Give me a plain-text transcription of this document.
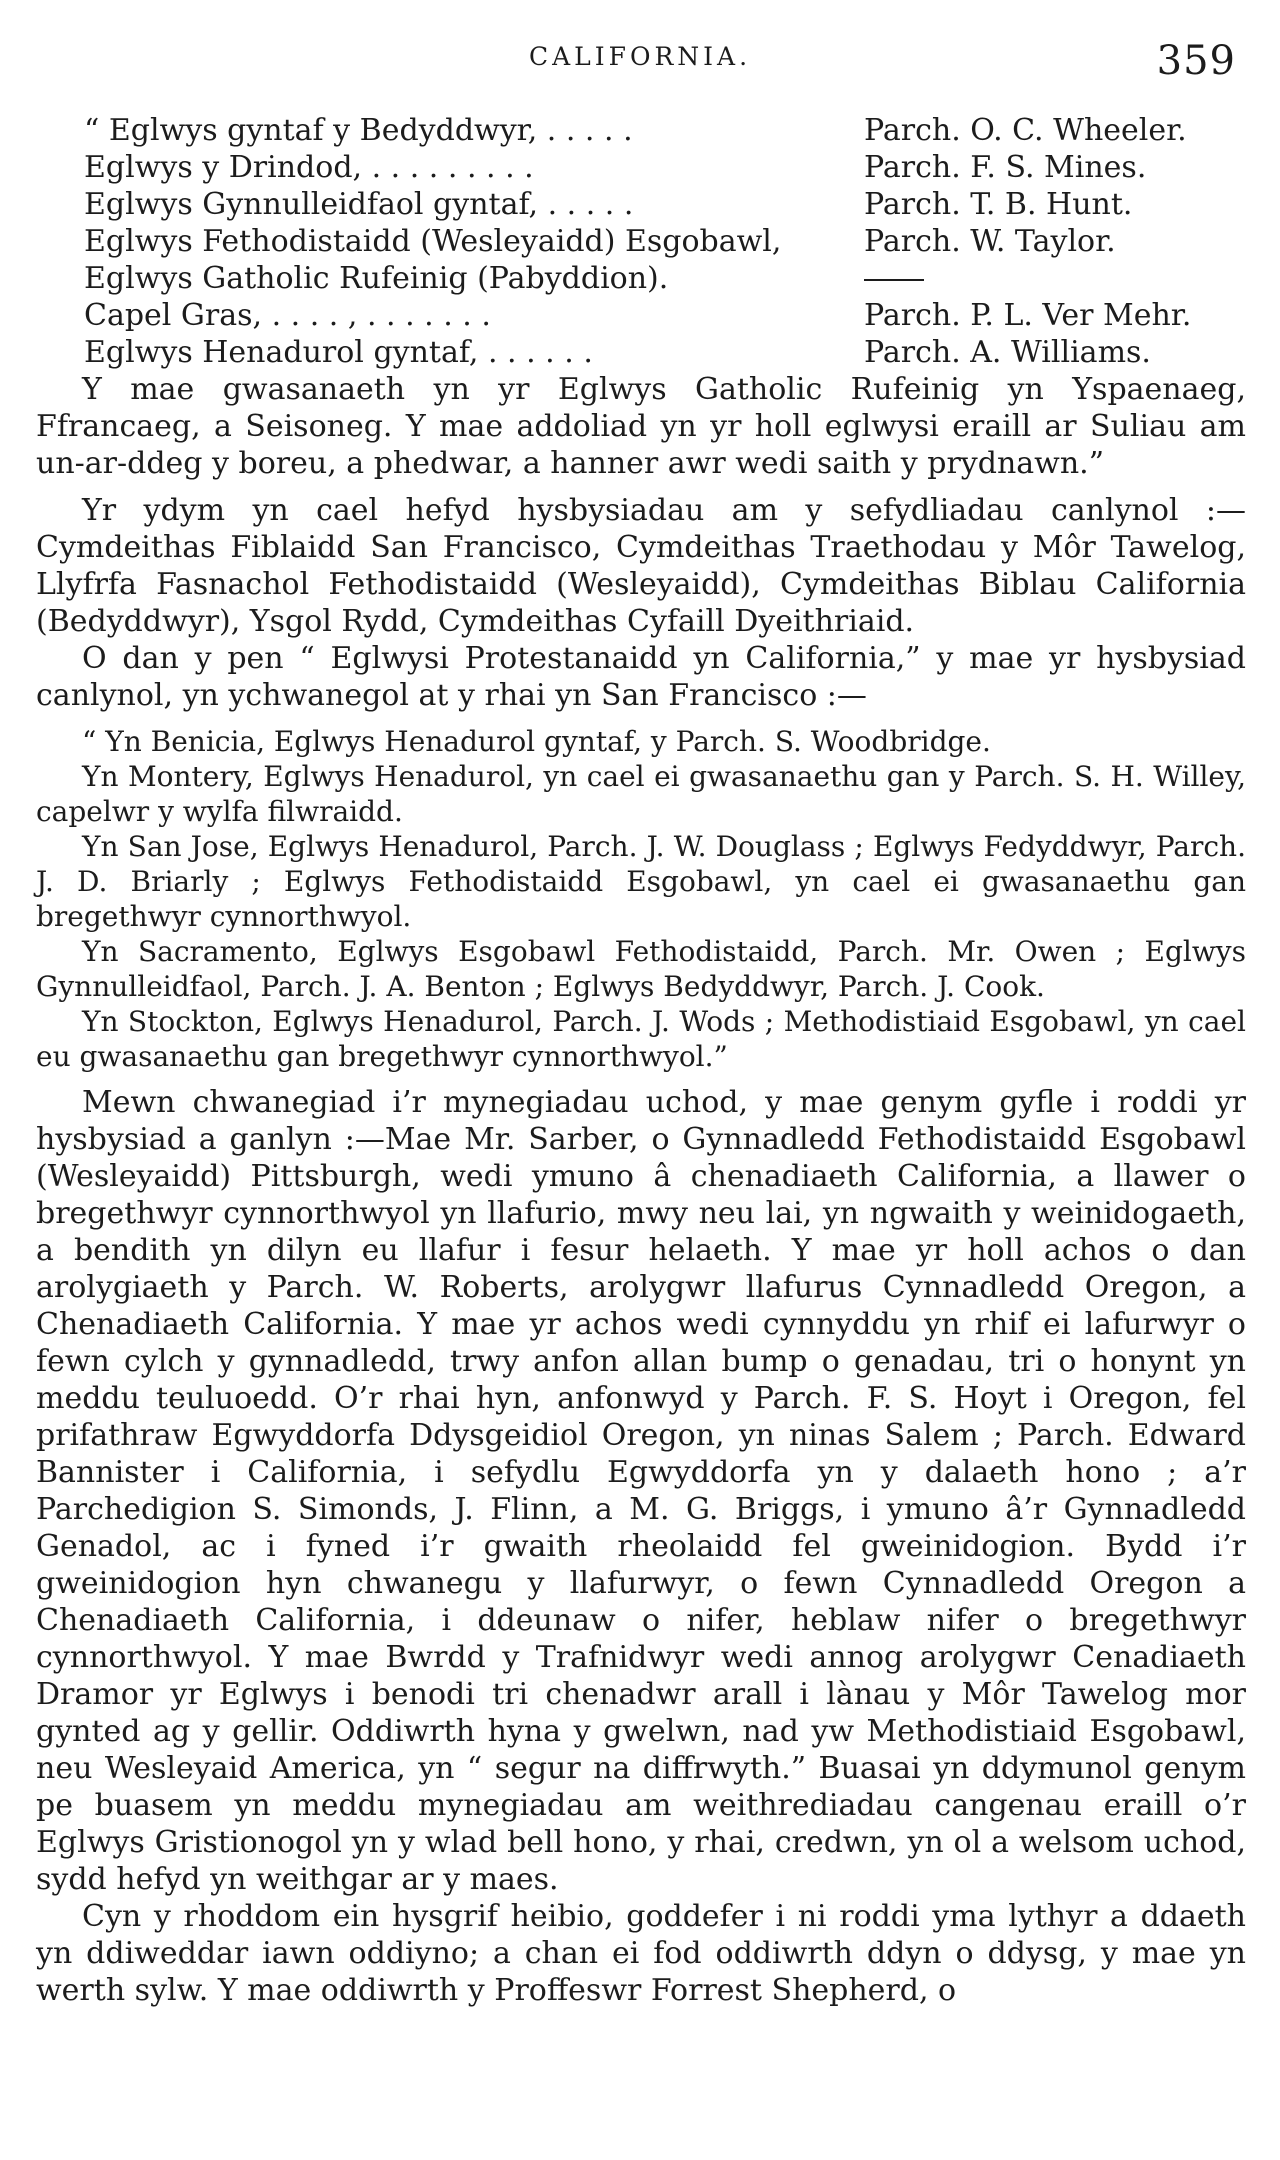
CALIFORNIA.	359
“ Eglwys gyntaf y Bedyddwyr, . . . . .	Parch. O. C. Wheeler.
Eglwys y Drindod, . . . . . . . . .	Parch. F. S. Mines.
Eglwys Gynnulleidfaol gyntaf, . . . . .	Parch. T. B. Hunt.
Eglwys Fethodistaidd (Wesleyaidd) Esgobawl,	Parch. W. Taylor.
Eglwys Gatholic Rufeinig (Pabyddion).
Capel Gras, . . . . , . . . . . . .	Parch. P. L. Ver Mehr.
Eglwys Henadurol gyntaf, . . . . . .	Parch. A. Williams.

Y mae gwasanaeth yn yr Eglwys Gatholic Rufeinig yn Yspaenaeg, Ffrancaeg, a Seisoneg. Y mae addoliad yn yr holl eglwysi eraill ar Suliau am un-ar-ddeg y boreu, a phedwar, a hanner awr wedi saith y prydnawn.”

Yr ydym yn cael hefyd hysbysiadau am y sefydliadau canlynol :—Cymdeithas Fiblaidd San Francisco, Cymdeithas Traethodau y Môr Tawelog, Llyfrfa Fasnachol Fethodistaidd (Wesleyaidd), Cymdeithas Biblau California (Bedyddwyr), Ysgol Rydd, Cymdeithas Cyfaill Dyeithriaid.

O dan y pen “ Eglwysi Protestanaidd yn California,” y mae yr hysbysiad canlynol, yn ychwanegol at y rhai yn San Francisco :—

“ Yn Benicia, Eglwys Henadurol gyntaf, y Parch. S. Woodbridge.

Yn Montery, Eglwys Henadurol, yn cael ei gwasanaethu gan y Parch. S. H. Willey, capelwr y wylfa filwraidd.

Yn San Jose, Eglwys Henadurol, Parch. J. W. Douglass ; Eglwys Fedyddwyr, Parch. J. D. Briarly ; Eglwys Fethodistaidd Esgobawl, yn cael ei gwasanaethu gan bregethwyr cynnorthwyol.

Yn Sacramento, Eglwys Esgobawl Fethodistaidd, Parch. Mr. Owen ; Eglwys Gynnulleidfaol, Parch. J. A. Benton ; Eglwys Bedyddwyr, Parch. J. Cook.

Yn Stockton, Eglwys Henadurol, Parch. J. Wods ; Methodistiaid Esgobawl, yn cael eu gwasanaethu gan bregethwyr cynnorthwyol.”

Mewn chwanegiad i’r mynegiadau uchod, y mae genym gyfle i roddi yr hysbysiad a ganlyn :—Mae Mr. Sarber, o Gynnadledd Fethodistaidd Esgobawl (Wesleyaidd) Pittsburgh, wedi ymuno â chenadiaeth California, a llawer o bregethwyr cynnorthwyol yn llafurio, mwy neu lai, yn ngwaith y weinidogaeth, a bendith yn dilyn eu llafur i fesur helaeth. Y mae yr holl achos o dan arolygiaeth y Parch. W. Roberts, arolygwr llafurus Cynnadledd Oregon, a Chenadiaeth California. Y mae yr achos wedi cynnyddu yn rhif ei lafurwyr o fewn cylch y gynnadledd, trwy anfon allan bump o genadau, tri o honynt yn meddu teuluoedd. O’r rhai hyn, anfonwyd y Parch. F. S. Hoyt i Oregon, fel prifathraw Egwyddorfa Ddysgeidiol Oregon, yn ninas Salem ; Parch. Edward Bannister i California, i sefydlu Egwyddorfa yn y dalaeth hono ; a’r Parchedigion S. Simonds, J. Flinn, a M. G. Briggs, i ymuno â’r Gynnadledd Genadol, ac i fyned i’r gwaith rheolaidd fel gweinidogion. Bydd i’r gweinidogion hyn chwanegu y llafurwyr, o fewn Cynnadledd Oregon a Chenadiaeth California, i ddeunaw o nifer, heblaw nifer o bregethwyr cynnorthwyol. Y mae Bwrdd y Trafnidwyr wedi annog arolygwr Cenadiaeth Dramor yr Eglwys i benodi tri chenadwr arall i lànau y Môr Tawelog mor gynted ag y gellir. Oddiwrth hyna y gwelwn, nad yw Methodistiaid Esgobawl, neu Wesleyaid America, yn “ segur na diffrwyth.” Buasai yn ddymunol genym pe buasem yn meddu mynegiadau am weithrediadau cangenau eraill o’r Eglwys Gristionogol yn y wlad bell hono, y rhai, credwn, yn ol a welsom uchod, sydd hefyd yn weithgar ar y maes.

Cyn y rhoddom ein hysgrif heibio, goddefer i ni roddi yma lythyr a ddaeth yn ddiweddar iawn oddiyno; a chan ei fod oddiwrth ddyn o ddysg, y mae yn werth sylw. Y mae oddiwrth y Proffeswr Forrest Shepherd, o
